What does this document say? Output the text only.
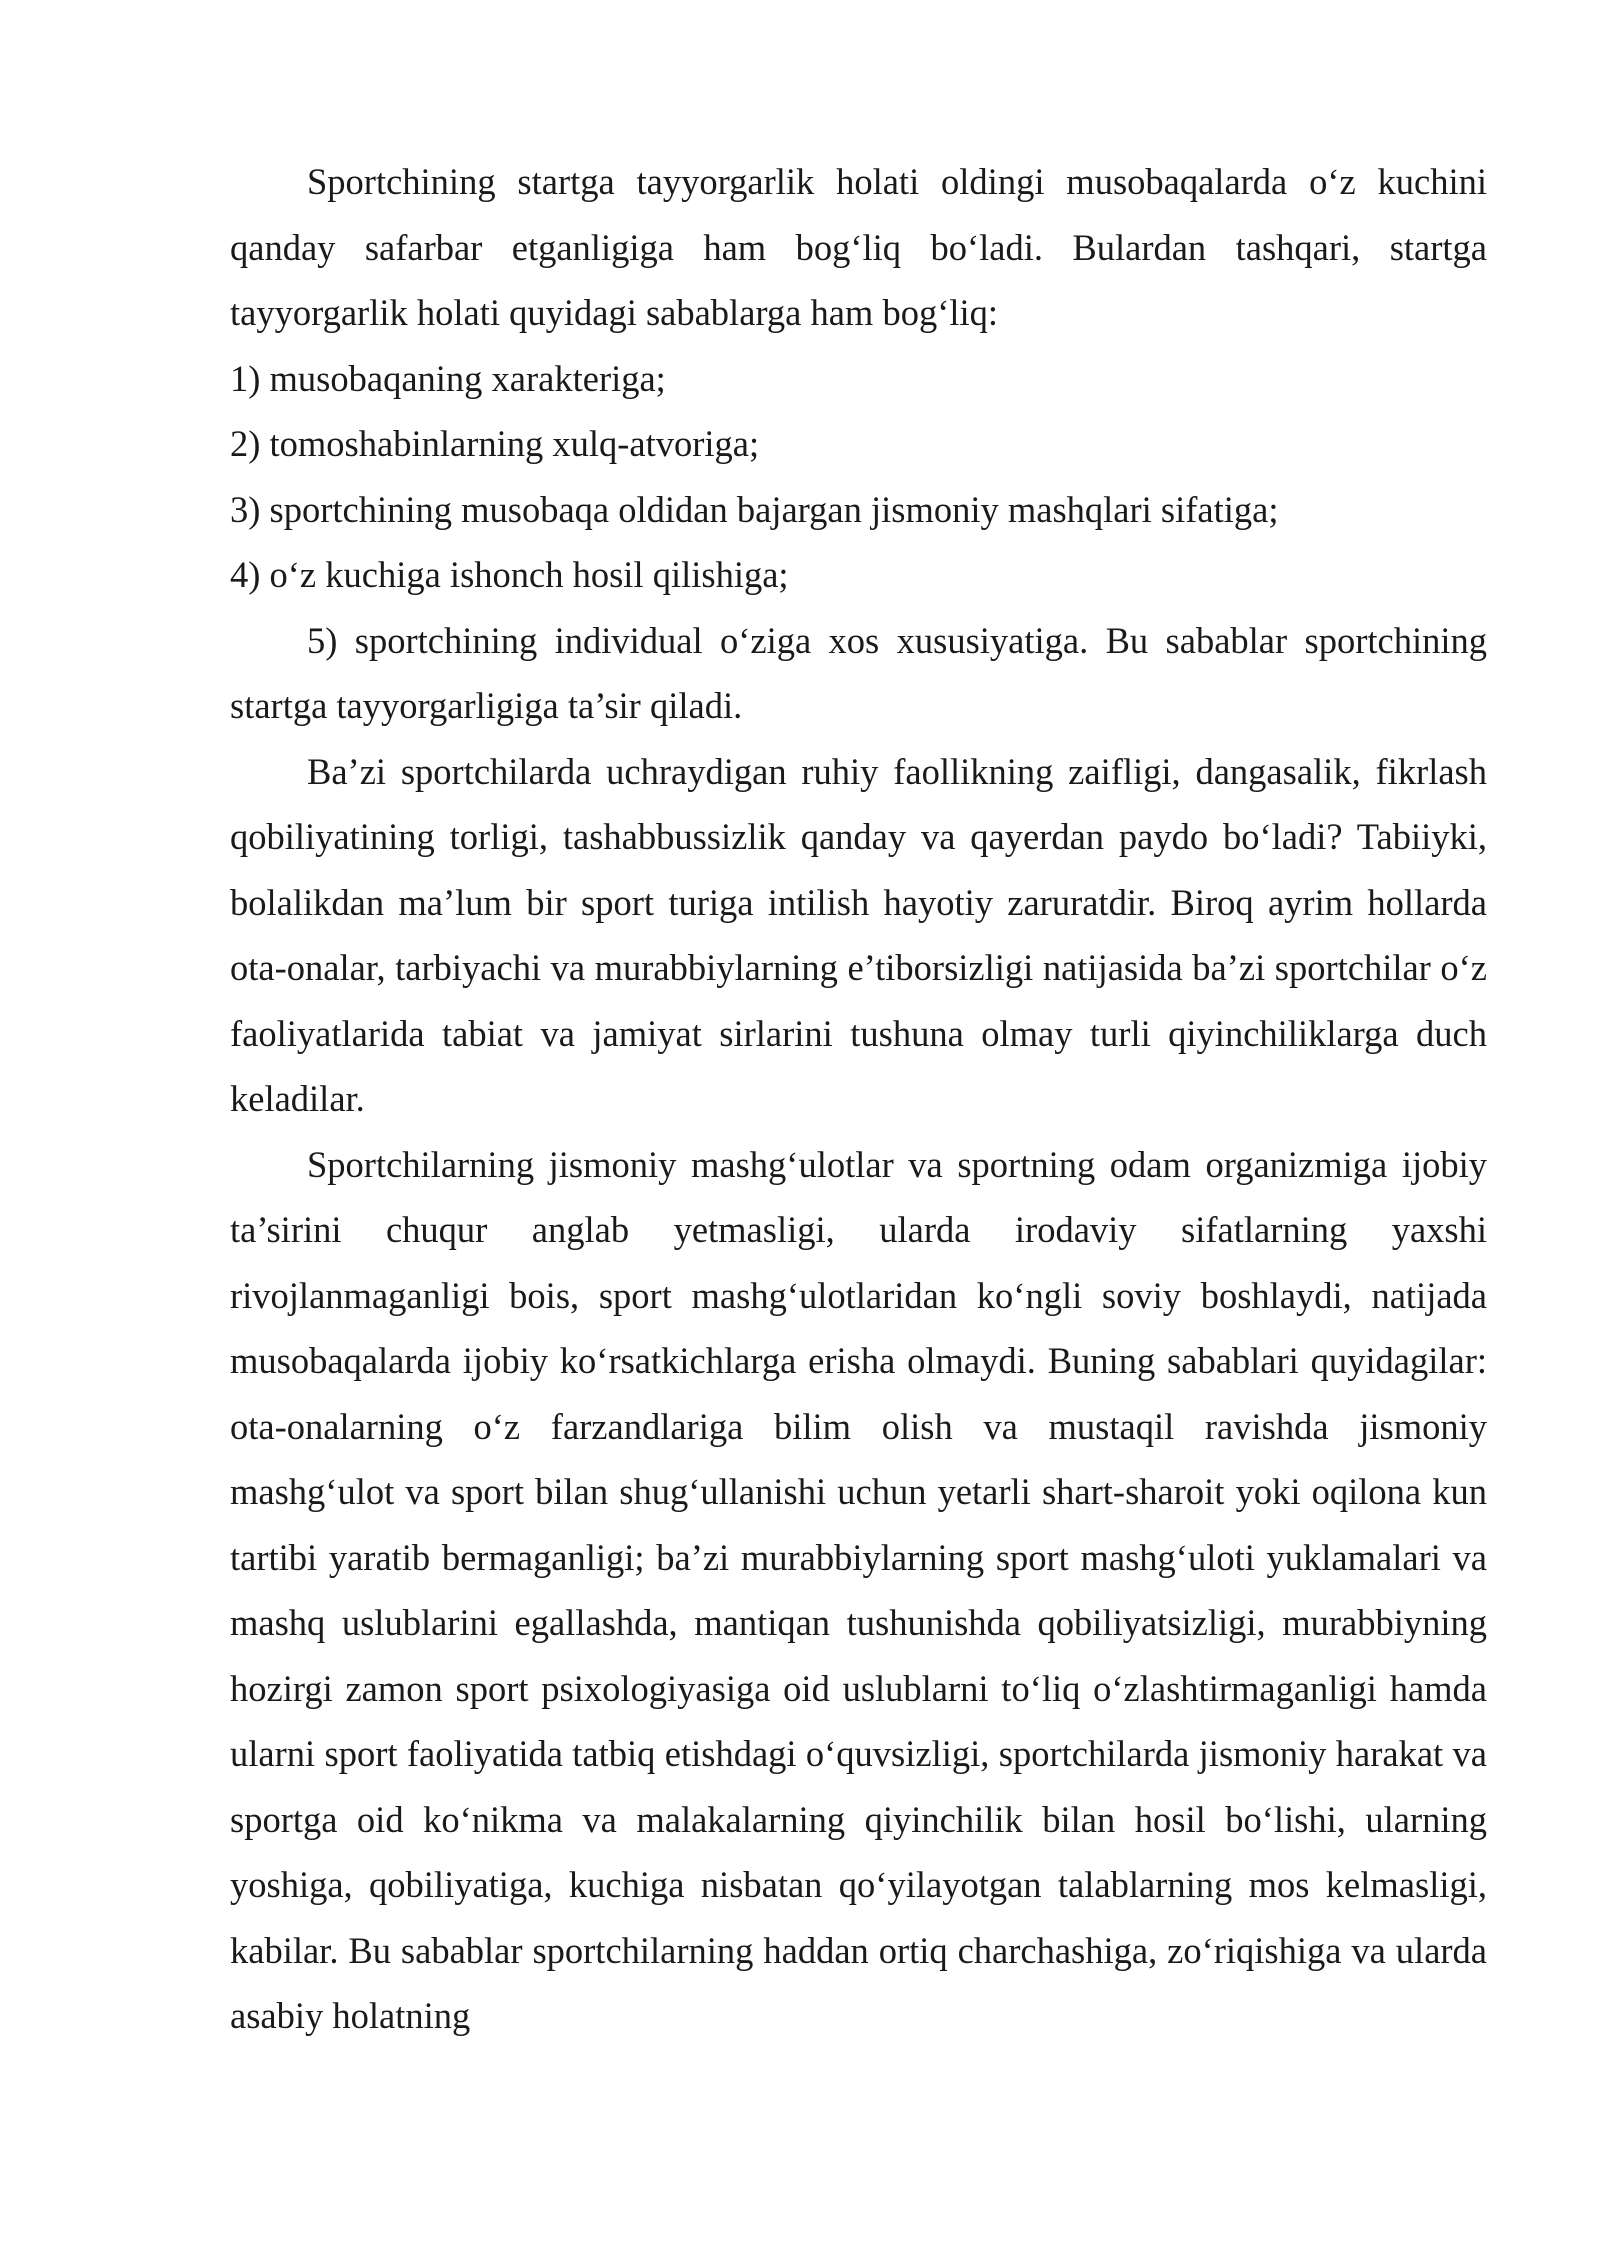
Sportchining startga tayyorgarlik holati oldingi musobaqalarda o‘z kuchini qanday safarbar etganligiga ham bog‘liq bo‘ladi. Bulardan tashqari, startga tayyorgarlik holati quyidagi sabablarga ham bog‘liq:

1) musobaqaning xarakteriga;

2) tomoshabinlarning xulq-atvoriga;

3) sportchining musobaqa oldidan bajargan jismoniy mashqlari sifatiga;

4) o‘z kuchiga ishonch hosil qilishiga;

5) sportchining individual o‘ziga xos xususiyatiga. Bu sabablar sportchining startga tayyorgarligiga ta’sir qiladi.

Ba’zi sportchilarda uchraydigan ruhiy faollikning zaifligi, dangasalik, fikrlash qobiliyatining torligi, tashabbussizlik qanday va qayerdan paydo bo‘ladi? Tabiiyki, bolalikdan ma’lum bir sport turiga intilish hayotiy zaruratdir. Biroq ayrim hollarda ota-onalar, tarbiyachi va murabbiylarning e’tiborsizligi natijasida ba’zi sportchilar o‘z faoliyatlarida tabiat va jamiyat sirlarini tushuna olmay turli qiyinchiliklarga duch keladilar.

Sportchilarning jismoniy mashg‘ulotlar va sportning odam organizmiga ijobiy ta’sirini chuqur anglab yetmasligi, ularda irodaviy sifatlarning yaxshi rivojlanmaganligi bois, sport mashg‘ulotlaridan ko‘ngli soviy boshlaydi, natijada musobaqalarda ijobiy ko‘rsatkichlarga erisha olmaydi. Buning sabablari quyidagilar: ota-onalarning o‘z farzandlariga bilim olish va mustaqil ravishda jismoniy mashg‘ulot va sport bilan shug‘ullanishi uchun yetarli shart-sharoit yoki oqilona kun tartibi yaratib bermaganligi; ba’zi murabbiylarning sport mashg‘uloti yuklamalari va mashq uslublarini egallashda, mantiqan tushunishda qobiliyatsizligi, murabbiyning hozirgi zamon sport psixologiyasiga oid uslublarni to‘liq o‘zlashtirmaganligi hamda ularni sport faoliyatida tatbiq etishdagi o‘quvsizligi, sportchilarda jismoniy harakat va sportga oid ko‘nikma va malakalarning qiyinchilik bilan hosil bo‘lishi, ularning yoshiga, qobiliyatiga, kuchiga nisbatan qo‘yilayotgan talablarning mos kelmasligi, kabilar. Bu sabablar sportchilarning haddan ortiq charchashiga, zo‘riqishiga va ularda asabiy holatning
